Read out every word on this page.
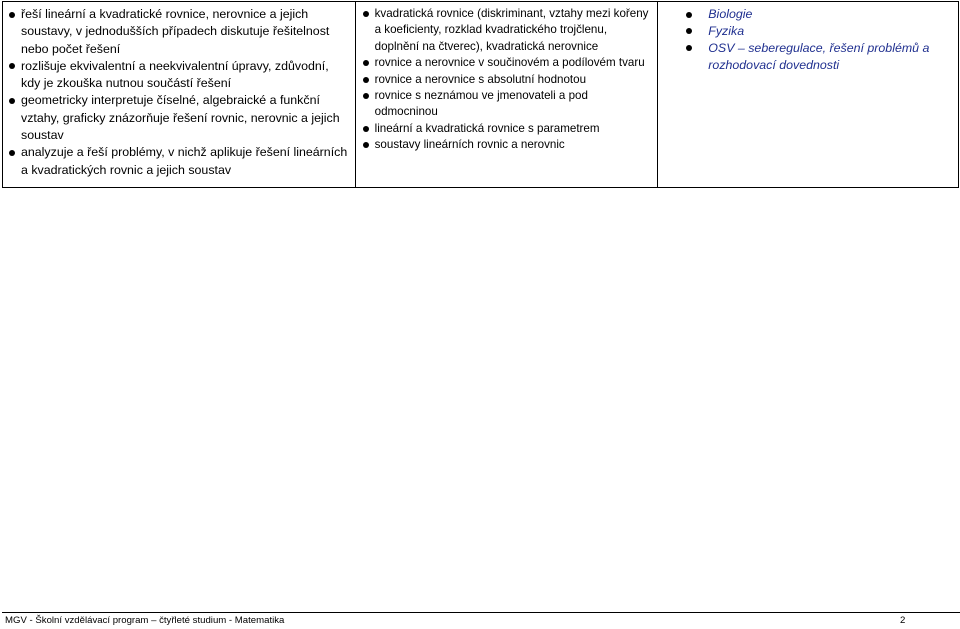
řeší lineární a kvadratické rovnice, nerovnice a jejich soustavy, v jednodušších případech diskutuje řešitelnost nebo počet řešení
rozlišuje ekvivalentní a neekvivalentní úpravy, zdůvodní, kdy je zkouška nutnou součástí řešení
geometricky interpretuje číselné, algebraické a funkční vztahy, graficky znázorňuje řešení rovnic, nerovnic a jejich soustav
analyzuje a řeší problémy, v nichž aplikuje řešení lineárních a kvadratických rovnic a jejich soustav
kvadratická rovnice (diskriminant, vztahy mezi kořeny a koeficienty, rozklad kvadratického trojčlenu, doplnění na čtverec), kvadratická nerovnice
rovnice a nerovnice v součinovém a podílovém tvaru
rovnice a nerovnice s absolutní hodnotou
rovnice s neznámou ve jmenovateli a pod odmocninou
lineární a kvadratická rovnice s parametrem
soustavy lineárních rovnic a nerovnic
Biologie
Fyzika
OSV – seberegulace, řešení problémů a rozhodovací dovednosti
MGV - Školní vzdělávací program – čtyřleté studium - Matematika	2
